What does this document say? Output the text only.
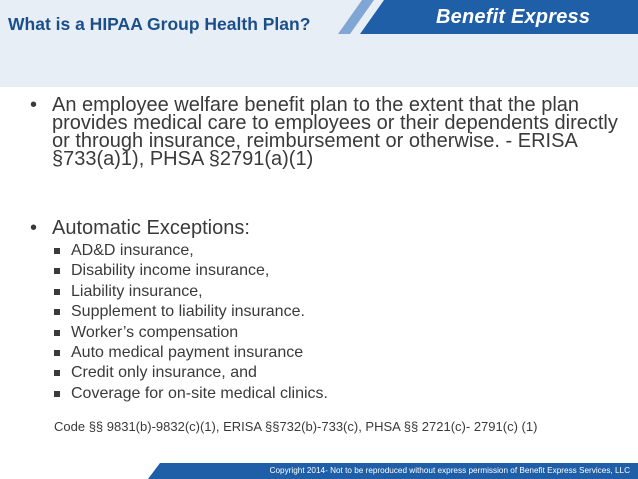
What is a HIPAA Group Health Plan?	Benefit Express
• An employee welfare benefit plan to the extent that the plan provides medical care to employees or their dependents directly or through insurance, reimbursement or otherwise. - ERISA §733(a)1), PHSA §2791(a)(1)
• Automatic Exceptions:
AD&D insurance,
Disability income insurance,
Liability insurance,
Supplement to liability insurance.
Worker’s compensation
Auto medical payment insurance
Credit only insurance, and
Coverage for on-site medical clinics.
Code §§ 9831(b)-9832(c)(1), ERISA §§732(b)-733(c), PHSA §§ 2721(c)- 2791(c) (1)
Copyright 2014- Not to be reproduced without express permission of Benefit Express Services, LLC
